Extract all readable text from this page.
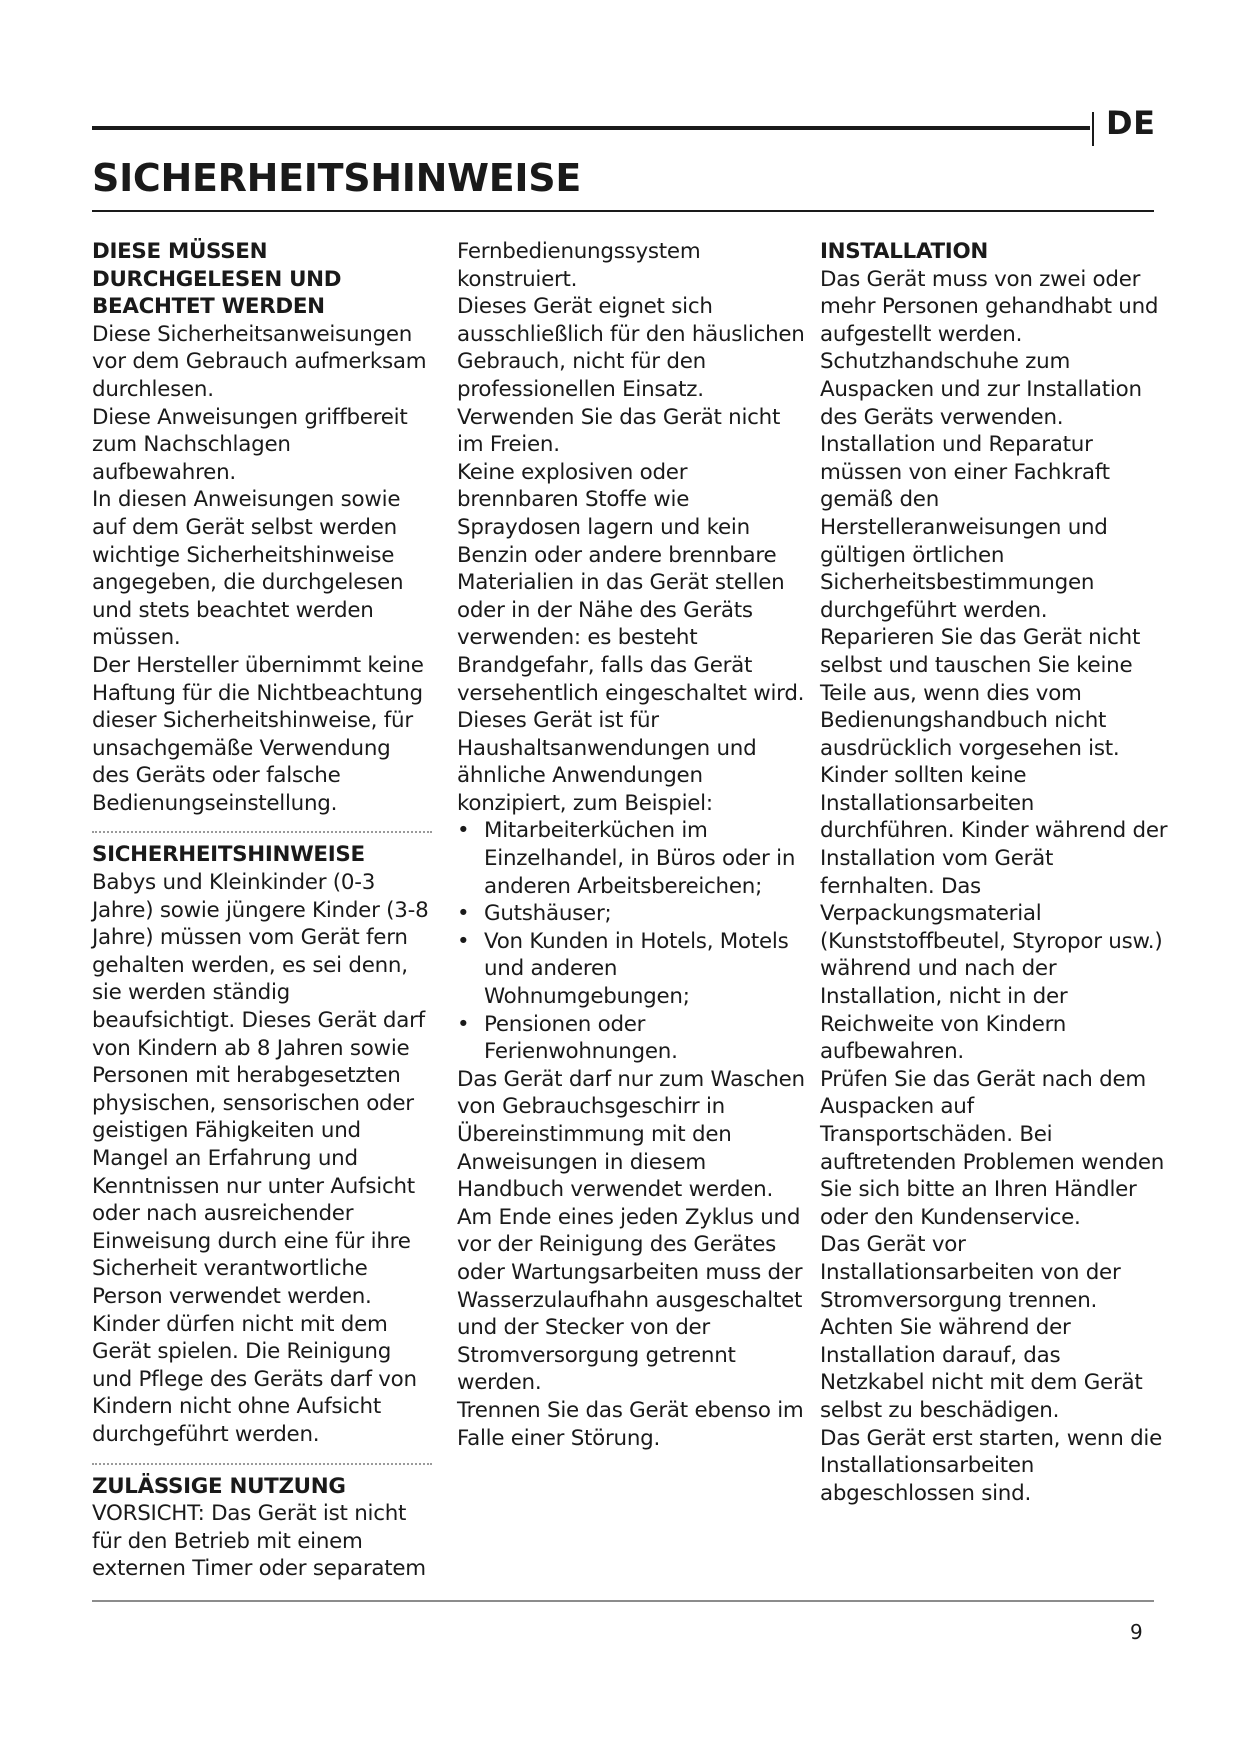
DE
SICHERHEITSHINWEISE
DIESE MÜSSEN DURCHGELESEN UND BEACHTET WERDEN

Diese Sicherheitsanweisungen vor dem Gebrauch aufmerksam durchlesen.

Diese Anweisungen griffbereit zum Nachschlagen aufbewahren.

In diesen Anweisungen sowie auf dem Gerät selbst werden wichtige Sicherheitshinweise angegeben, die durchgelesen und stets beachtet werden müssen.

Der Hersteller übernimmt keine Haftung für die Nichtbeachtung dieser Sicherheitshinweise, für unsachgemäße Verwendung des Geräts oder falsche Bedienungseinstellung.

SICHERHEITSHINWEISE

Babys und Kleinkinder (0-3 Jahre) sowie jüngere Kinder (3-8 Jahre) müssen vom Gerät fern gehalten werden, es sei denn, sie werden ständig beaufsichtigt. Dieses Gerät darf von Kindern ab 8 Jahren sowie Personen mit herabgesetzten physischen, sensorischen oder geistigen Fähigkeiten und Mangel an Erfahrung und Kenntnissen nur unter Aufsicht oder nach ausreichender Einweisung durch eine für ihre Sicherheit verantwortliche Person verwendet werden. Kinder dürfen nicht mit dem Gerät spielen. Die Reinigung und Pflege des Geräts darf von Kindern nicht ohne Aufsicht durchgeführt werden.

ZULÄSSIGE NUTZUNG

VORSICHT: Das Gerät ist nicht für den Betrieb mit einem externen Timer oder separatem

Fernbedienungssystem konstruiert.

Dieses Gerät eignet sich ausschließlich für den häuslichen Gebrauch, nicht für den professionellen Einsatz.

Verwenden Sie das Gerät nicht im Freien.

Keine explosiven oder brennbaren Stoffe wie Spraydosen lagern und kein Benzin oder andere brennbare Materialien in das Gerät stellen oder in der Nähe des Geräts verwenden: es besteht Brandgefahr, falls das Gerät versehentlich eingeschaltet wird.

Dieses Gerät ist für Haushaltsanwendungen und ähnliche Anwendungen konzipiert, zum Beispiel:

• Mitarbeiterküchen im Einzelhandel, in Büros oder in anderen Arbeitsbereichen;
• Gutshäuser;
• Von Kunden in Hotels, Motels und anderen Wohnumgebungen;
• Pensionen oder Ferienwohnungen.

Das Gerät darf nur zum Waschen von Gebrauchsgeschirr in Übereinstimmung mit den Anweisungen in diesem Handbuch verwendet werden.

Am Ende eines jeden Zyklus und vor der Reinigung des Gerätes oder Wartungsarbeiten muss der Wasserzulaufhahn ausgeschaltet und der Stecker von der Stromversorgung getrennt werden.

Trennen Sie das Gerät ebenso im Falle einer Störung.

INSTALLATION

Das Gerät muss von zwei oder mehr Personen gehandhabt und aufgestellt werden.

Schutzhandschuhe zum Auspacken und zur Installation des Geräts verwenden.

Installation und Reparatur müssen von einer Fachkraft gemäß den Herstelleranweisungen und gültigen örtlichen Sicherheitsbestimmungen durchgeführt werden.

Reparieren Sie das Gerät nicht selbst und tauschen Sie keine Teile aus, wenn dies vom Bedienungshandbuch nicht ausdrücklich vorgesehen ist.

Kinder sollten keine Installationsarbeiten durchführen. Kinder während der Installation vom Gerät fernhalten. Das Verpackungsmaterial (Kunststoffbeutel, Styropor usw.) während und nach der Installation, nicht in der Reichweite von Kindern aufbewahren.

Prüfen Sie das Gerät nach dem Auspacken auf Transportschäden. Bei auftretenden Problemen wenden Sie sich bitte an Ihren Händler oder den Kundenservice.

Das Gerät vor Installationsarbeiten von der Stromversorgung trennen.

Achten Sie während der Installation darauf, das Netzkabel nicht mit dem Gerät selbst zu beschädigen.

Das Gerät erst starten, wenn die Installationsarbeiten abgeschlossen sind.

9
